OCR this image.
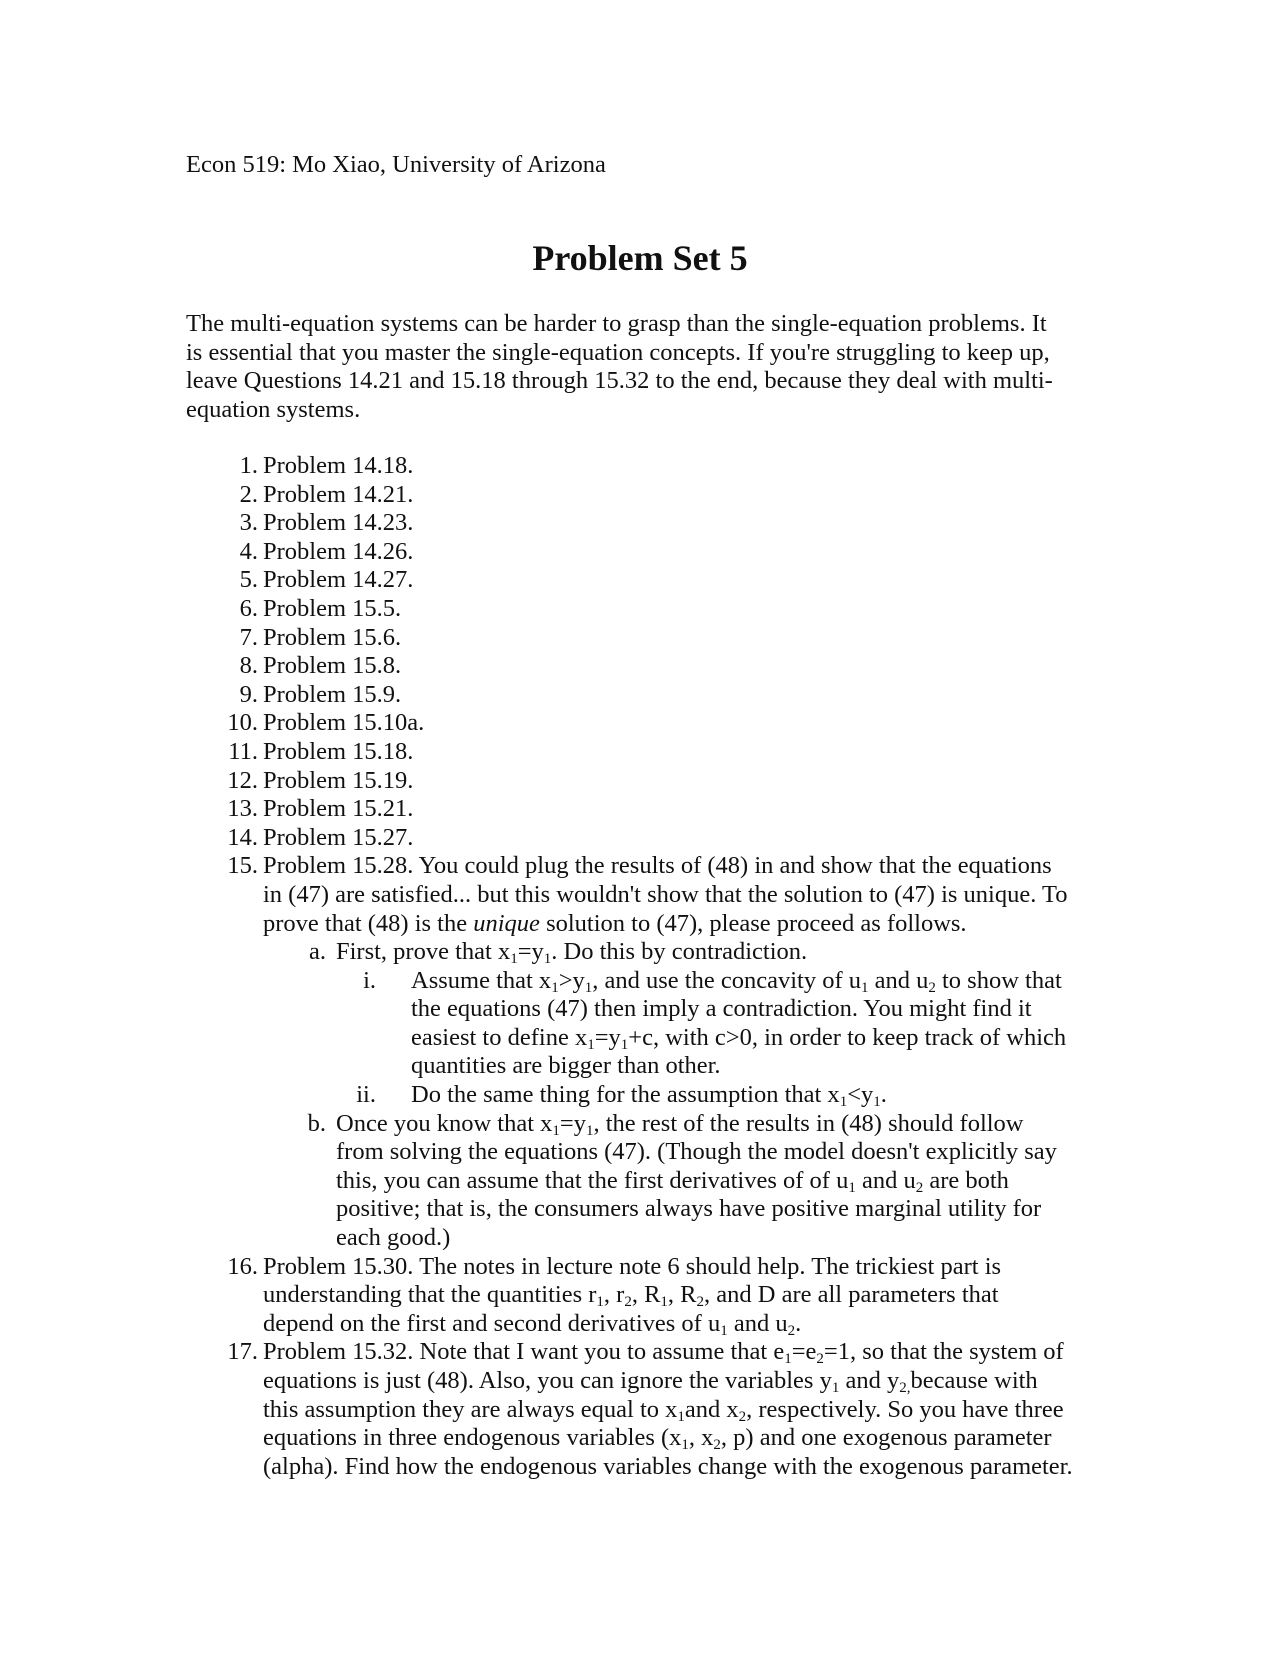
Econ 519: Mo Xiao, University of Arizona

Problem Set 5
The multi-equation systems can be harder to grasp than the single-equation problems. It
is essential that you master the single-equation concepts. If you're struggling to keep up,
leave Questions 14.21 and 15.18 through 15.32 to the end, because they deal with multi-
equation systems.
1. Problem 14.18.
2. Problem 14.21.
3. Problem 14.23.
4. Problem 14.26.
5. Problem 14.27.
6. Problem 15.5.
7. Problem 15.6.
8. Problem 15.8.
9. Problem 15.9.
10. Problem 15.10a.
11. Problem 15.18.
12. Problem 15.19.
13. Problem 15.21.
14. Problem 15.27.
15. Problem 15.28. You could plug the results of (48) in and show that the equations
in (47) are satisfied... but this wouldn't show that the solution to (47) is unique. To
prove that (48) is the unique solution to (47), please proceed as follows.
a. First, prove that $x_1=y_1$. Do this by contradiction.
i. Assume that $x_1>y_1$, and use the concavity of $u_1$ and $u_2$ to show that
the equations (47) then imply a contradiction. You might find it
easiest to define $x_1=y_1+c$, with c>0, in order to keep track of which
quantities are bigger than other.
ii. Do the same thing for the assumption that $x_1<y_1$.
b. Once you know that $x_1=y_1$, the rest of the results in (48) should follow
from solving the equations (47). (Though the model doesn't explicitly say
this, you can assume that the first derivatives of of $u_1$ and $u_2$ are both
positive; that is, the consumers always have positive marginal utility for
each good.)
16. Problem 15.30. The notes in lecture note 6 should help. The trickiest part is
understanding that the quantities $r_1$, $r_2$, $R_1$, $R_2$, and D are all parameters that
depend on the first and second derivatives of $u_1$ and $u_2$.
17. Problem 15.32. Note that I want you to assume that $e_1=e_2=1$, so that the system of
equations is just (48). Also, you can ignore the variables $y_1$ and $y_{2,}because$ with
this assumption they are always equal to $x_1and$ $x_2$, respectively. So you have three
equations in three endogenous variables ($x_1$, $x_2$, p) and one exogenous parameter
(alpha). Find how the endogenous variables change with the exogenous parameter.
